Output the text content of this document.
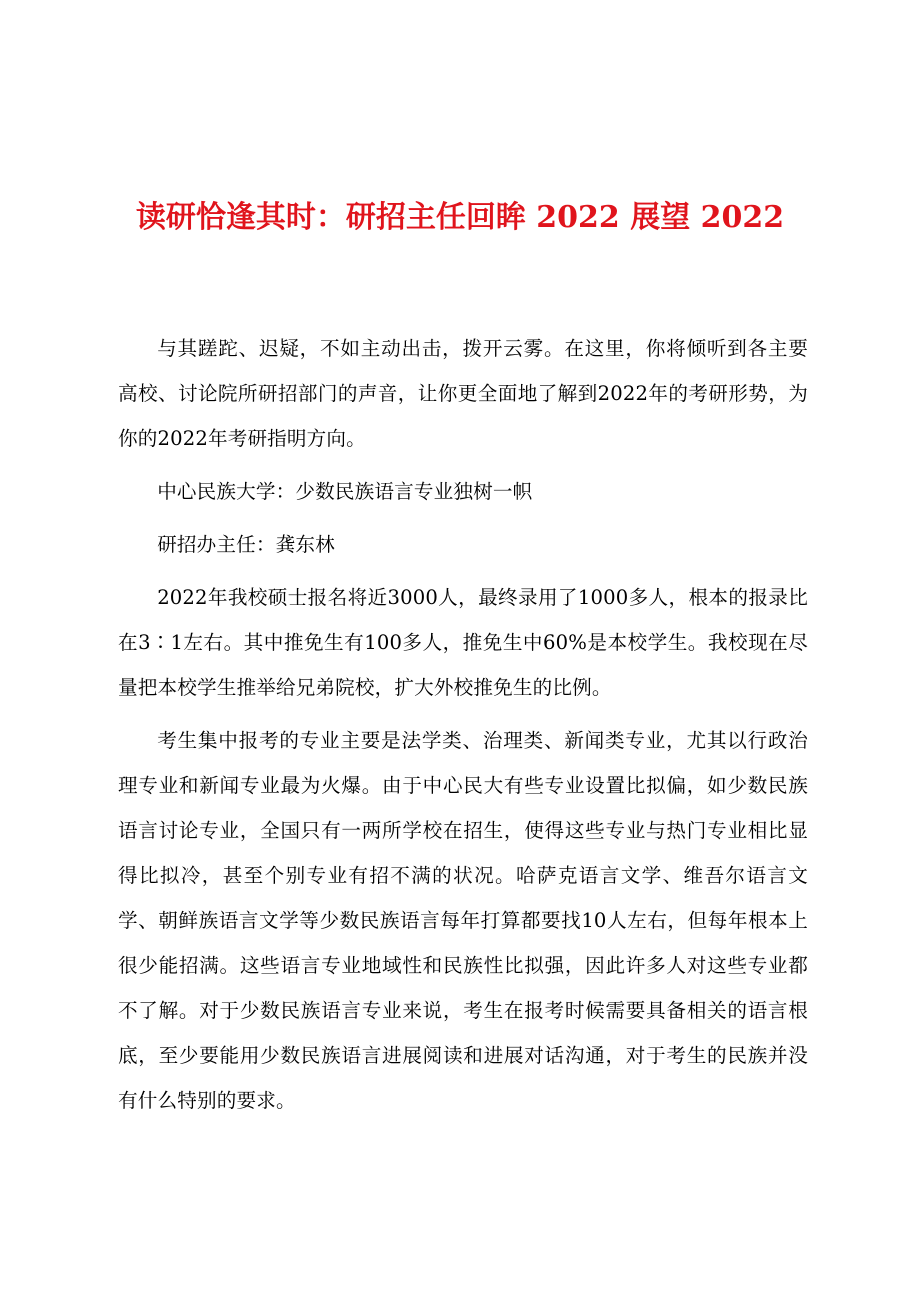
读研恰逢其时：研招主任回眸 2022 展望 2022

与其蹉跎、迟疑，不如主动出击，拨开云雾。在这里，你将倾听到各主要高校、讨论院所研招部门的声音，让你更全面地了解到2022年的考研形势，为你的2022年考研指明方向。

中心民族大学：少数民族语言专业独树一帜

研招办主任：龚东林

2022年我校硕士报名将近3000人，最终录用了1000多人，根本的报录比在3∶1左右。其中推免生有100多人，推免生中60%是本校学生。我校现在尽量把本校学生推举给兄弟院校，扩大外校推免生的比例。

考生集中报考的专业主要是法学类、治理类、新闻类专业，尤其以行政治理专业和新闻专业最为火爆。由于中心民大有些专业设置比拟偏，如少数民族语言讨论专业，全国只有一两所学校在招生，使得这些专业与热门专业相比显得比拟冷，甚至个别专业有招不满的状况。哈萨克语言文学、维吾尔语言文学、朝鲜族语言文学等少数民族语言每年打算都要找10人左右，但每年根本上很少能招满。这些语言专业地域性和民族性比拟强，因此许多人对这些专业都不了解。对于少数民族语言专业来说，考生在报考时候需要具备相关的语言根底，至少要能用少数民族语言进展阅读和进展对话沟通，对于考生的民族并没有什么特别的要求。
